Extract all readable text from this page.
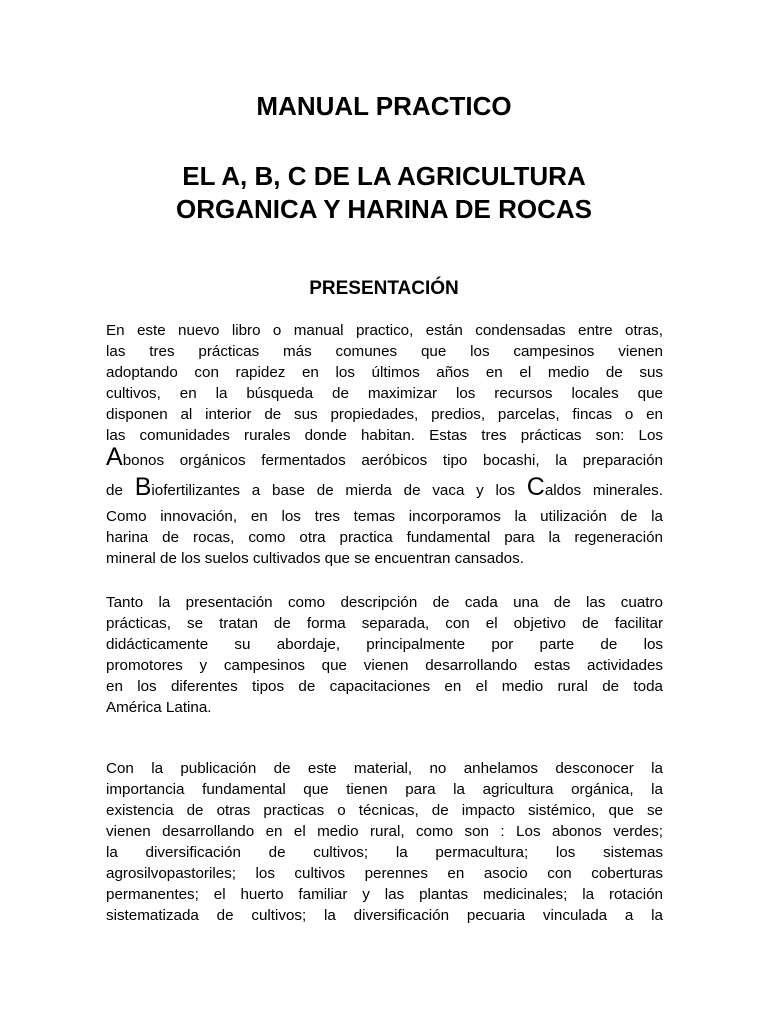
MANUAL PRACTICO
EL A, B, C DE LA AGRICULTURA
ORGANICA Y HARINA DE ROCAS
PRESENTACIÓN
En este nuevo libro o manual practico, están condensadas entre otras,
las tres prácticas más comunes que los campesinos vienen
adoptando con rapidez en los últimos años en el medio de sus
cultivos, en la búsqueda de maximizar los recursos locales que
disponen al interior de sus propiedades, predios, parcelas, fincas o en
las comunidades rurales donde habitan. Estas tres prácticas son: Los
Abonos orgánicos fermentados aeróbicos tipo bocashi, la preparación
de Biofertilizantes a base de mierda de vaca y los Caldos minerales.
Como innovación, en los tres temas incorporamos la utilización de la
harina de rocas, como otra practica fundamental para la regeneración
mineral de los suelos cultivados que se encuentran cansados.
Tanto la presentación como descripción de cada una de las cuatro
prácticas, se tratan de forma separada, con el objetivo de facilitar
didácticamente su abordaje, principalmente por parte de los
promotores y campesinos que vienen desarrollando estas actividades
en los diferentes tipos de capacitaciones en el medio rural de toda
América Latina.
Con la publicación de este material, no anhelamos desconocer la
importancia fundamental que tienen para la agricultura orgánica, la
existencia de otras practicas o técnicas, de impacto sistémico, que se
vienen desarrollando en el medio rural, como son : Los abonos verdes;
la diversificación de cultivos; la permacultura; los sistemas
agrosilvopastoriles; los cultivos perennes en asocio con coberturas
permanentes; el huerto familiar y las plantas medicinales; la rotación
sistematizada de cultivos; la diversificación pecuaria vinculada a la
